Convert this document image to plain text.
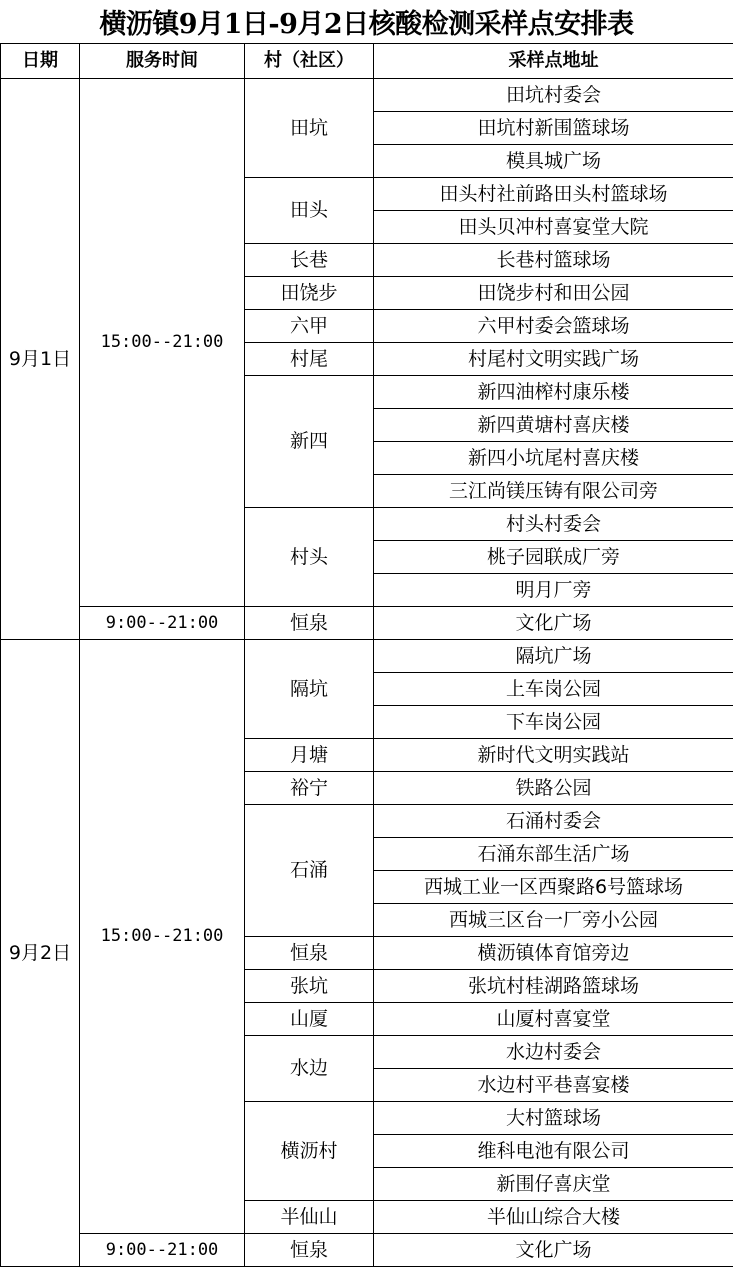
横沥镇9月1日-9月2日核酸检测采样点安排表
日期	服务时间	村（社区）	采样点地址
9月1日	15:00--21:00	田坑	田坑村委会
			田坑村新围篮球场
			模具城广场
		田头	田头村社前路田头村篮球场
			田头贝冲村喜宴堂大院
		长巷	长巷村篮球场
		田饶步	田饶步村和田公园
		六甲	六甲村委会篮球场
		村尾	村尾村文明实践广场
		新四	新四油榨村康乐楼
			新四黄塘村喜庆楼
			新四小坑尾村喜庆楼
			三江尚镁压铸有限公司旁
		村头	村头村委会
			桃子园联成厂旁
			明月厂旁
	9:00--21:00	恒泉	文化广场
9月2日	15:00--21:00	隔坑	隔坑广场
			上车岗公园
			下车岗公园
		月塘	新时代文明实践站
		裕宁	铁路公园
		石涌	石涌村委会
			石涌东部生活广场
			西城工业一区西聚路6号篮球场
			西城三区台一厂旁小公园
		恒泉	横沥镇体育馆旁边
		张坑	张坑村桂湖路篮球场
		山厦	山厦村喜宴堂
		水边	水边村委会
			水边村平巷喜宴楼
		横沥村	大村篮球场
			维科电池有限公司
			新围仔喜庆堂
		半仙山	半仙山综合大楼
	9:00--21:00	恒泉	文化广场
